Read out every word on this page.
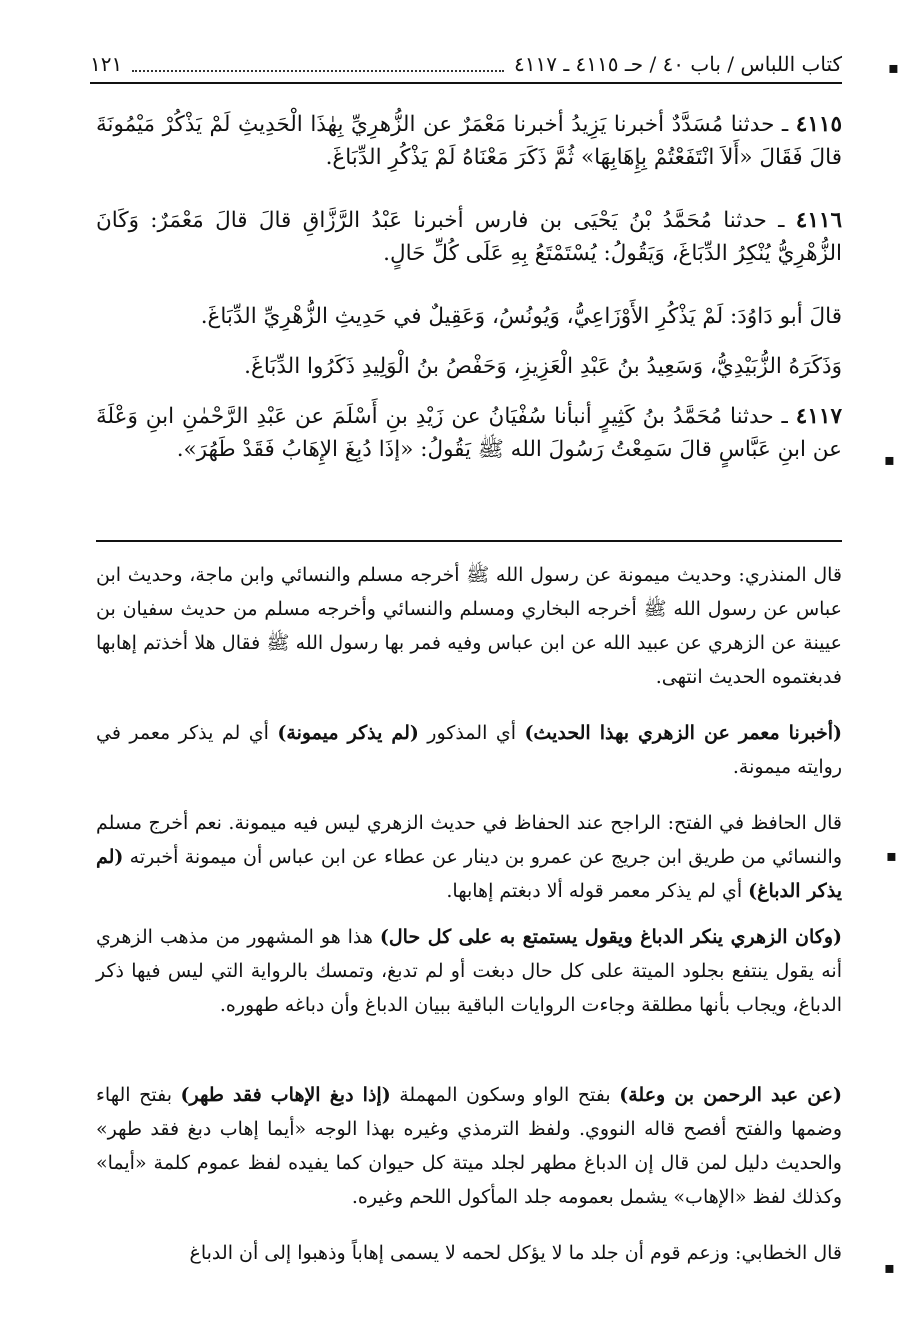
كتاب اللباس / باب ٤٠ / حـ ٤١١٥ ـ ٤١١٧
١٢١
٤١١٥ ـ حدثنا مُسَدَّدٌ أخبرنا يَزِيدُ أخبرنا مَعْمَرٌ عن الزُّهرِيِّ بِهٰذَا الْحَدِيثِ لَمْ يَذْكُرْ مَيْمُونَةَ قالَ فَقَالَ «أَلاَ انْتَفَعْتُمْ بِإِهَابِهَا» ثُمَّ ذَكَرَ مَعْنَاهُ لَمْ يَذْكُرِ الدِّبَاغَ.
٤١١٦ ـ حدثنا مُحَمَّدُ بْنُ يَحْيَى بن فارس أخبرنا عَبْدُ الرَّزَّاقِ قالَ قالَ مَعْمَرٌ: وَكَانَ الزُّهْرِيُّ يُنْكِرُ الدِّبَاغَ، وَيَقُولُ: يُسْتَمْتَعُ بِهِ عَلَى كُلِّ حَالٍ.
قالَ أبو دَاوُدَ: لَمْ يَذْكُرِ الأَوْزَاعِيُّ، وَيُونُسُ، وَعَقِيلٌ في حَدِيثِ الزُّهْرِيِّ الدِّبَاغَ.
وَذَكَرَهُ الزُّبَيْدِيُّ، وَسَعِيدُ بنُ عَبْدِ الْعَزِيزِ، وَحَفْصُ بنُ الْوَلِيدِ ذَكَرُوا الدِّبَاغَ.
٤١١٧ ـ حدثنا مُحَمَّدُ بنُ كَثِيرٍ أنبأنا سُفْيَانُ عن زَيْدِ بنِ أَسْلَمَ عن عَبْدِ الرَّحْمٰنِ ابنِ وَعْلَةَ عن ابنِ عَبَّاسٍ قالَ سَمِعْتُ رَسُولَ الله ﷺ يَقُولُ: «إذَا دُبِغَ الإِهَابُ فَقَدْ طَهُرَ».
قال المنذري: وحديث ميمونة عن رسول الله ﷺ أخرجه مسلم والنسائي وابن ماجة، وحديث ابن عباس عن رسول الله ﷺ أخرجه البخاري ومسلم والنسائي وأخرجه مسلم من حديث سفيان بن عيينة عن الزهري عن عبيد الله عن ابن عباس وفيه فمر بها رسول الله ﷺ فقال هلا أخذتم إهابها فدبغتموه الحديث انتهى.
(أخبرنا معمر عن الزهري بهذا الحديث) أي المذكور (لم يذكر ميمونة) أي لم يذكر معمر في روايته ميمونة.
قال الحافظ في الفتح: الراجح عند الحفاظ في حديث الزهري ليس فيه ميمونة. نعم أخرج مسلم والنسائي من طريق ابن جريج عن عمرو بن دينار عن عطاء عن ابن عباس أن ميمونة أخبرته (لم يذكر الدباغ) أي لم يذكر معمر قوله ألا دبغتم إهابها.
(وكان الزهري ينكر الدباغ ويقول يستمتع به على كل حال) هذا هو المشهور من مذهب الزهري أنه يقول ينتفع بجلود الميتة على كل حال دبغت أو لم تدبغ، وتمسك بالرواية التي ليس فيها ذكر الدباغ، ويجاب بأنها مطلقة وجاءت الروايات الباقية ببيان الدباغ وأن دباغه طهوره.
(عن عبد الرحمن بن وعلة) بفتح الواو وسكون المهملة (إذا دبغ الإهاب فقد طهر) بفتح الهاء وضمها والفتح أفصح قاله النووي. ولفظ الترمذي وغيره بهذا الوجه «أيما إهاب دبغ فقد طهر» والحديث دليل لمن قال إن الدباغ مطهر لجلد ميتة كل حيوان كما يفيده لفظ عموم كلمة «أيما» وكذلك لفظ «الإهاب» يشمل بعمومه جلد المأكول اللحم وغيره.
قال الخطابي: وزعم قوم أن جلد ما لا يؤكل لحمه لا يسمى إهاباً وذهبوا إلى أن الدباغ
▪
▪
▪
▪
